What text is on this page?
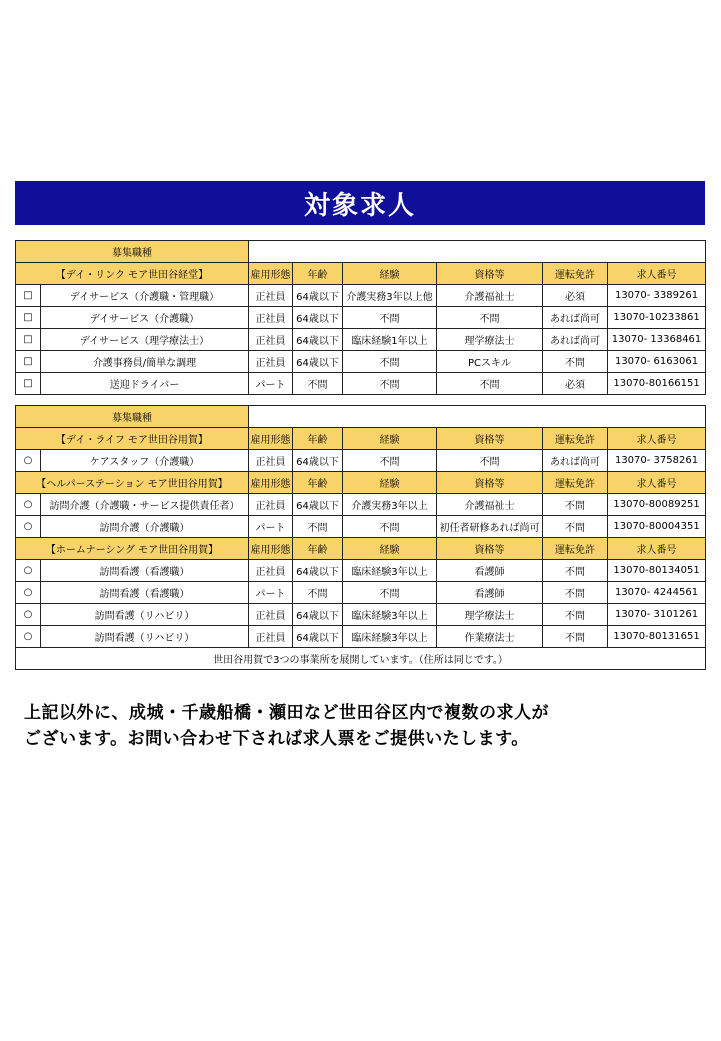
対象求人
募集職種							
【デイ・リンク モア世田谷経堂】		雇用形態	年齢	経験	資格等	運転免許	求人番号
□	デイサービス（介護職・管理職）	正社員	64歳以下	介護実務3年以上他	介護福祉士	必須	13070- 3389261
□	デイサービス（介護職）	正社員	64歳以下	不問	不問	あれば尚可	13070-10233861
□	デイサービス（理学療法士）	正社員	64歳以下	臨床経験1年以上	理学療法士	あれば尚可	13070- 13368461
□	介護事務員/簡単な調理	正社員	64歳以下	不問	PCスキル	不問	13070- 6163061
□	送迎ドライバー	パート	不問	不問	不問	必須	13070-80166151
募集職種							
【デイ・ライフ モア世田谷用賀】		雇用形態	年齢	経験	資格等	運転免許	求人番号
○	ケアスタッフ（介護職）	正社員	64歳以下	不問	不問	あれば尚可	13070- 3758261
【ヘルパーステーション モア世田谷用賀】		雇用形態	年齢	経験	資格等	運転免許	求人番号
○	訪問介護（介護職・サービス提供責任者）	正社員	64歳以下	介護実務3年以上	介護福祉士	不問	13070-80089251
○	訪問介護（介護職）	パート	不問	不問	初任者研修あれば尚可	不問	13070-80004351
【ホームナーシング モア世田谷用賀】		雇用形態	年齢	経験	資格等	運転免許	求人番号
○	訪問看護（看護職）	正社員	64歳以下	臨床経験3年以上	看護師	不問	13070-80134051
○	訪問看護（看護職）	パート	不問	不問	看護師	不問	13070- 4244561
○	訪問看護（リハビリ）	正社員	64歳以下	臨床経験3年以上	理学療法士	不問	13070- 3101261
○	訪問看護（リハビリ）	正社員	64歳以下	臨床経験3年以上	作業療法士	不問	13070-80131651
世田谷用賀で3つの事業所を展開しています。（住所は同じです。）							
上記以外に、成城・千歳船橋・瀬田など世田谷区内で複数の求人が
ございます。お問い合わせ下されば求人票をご提供いたします。
